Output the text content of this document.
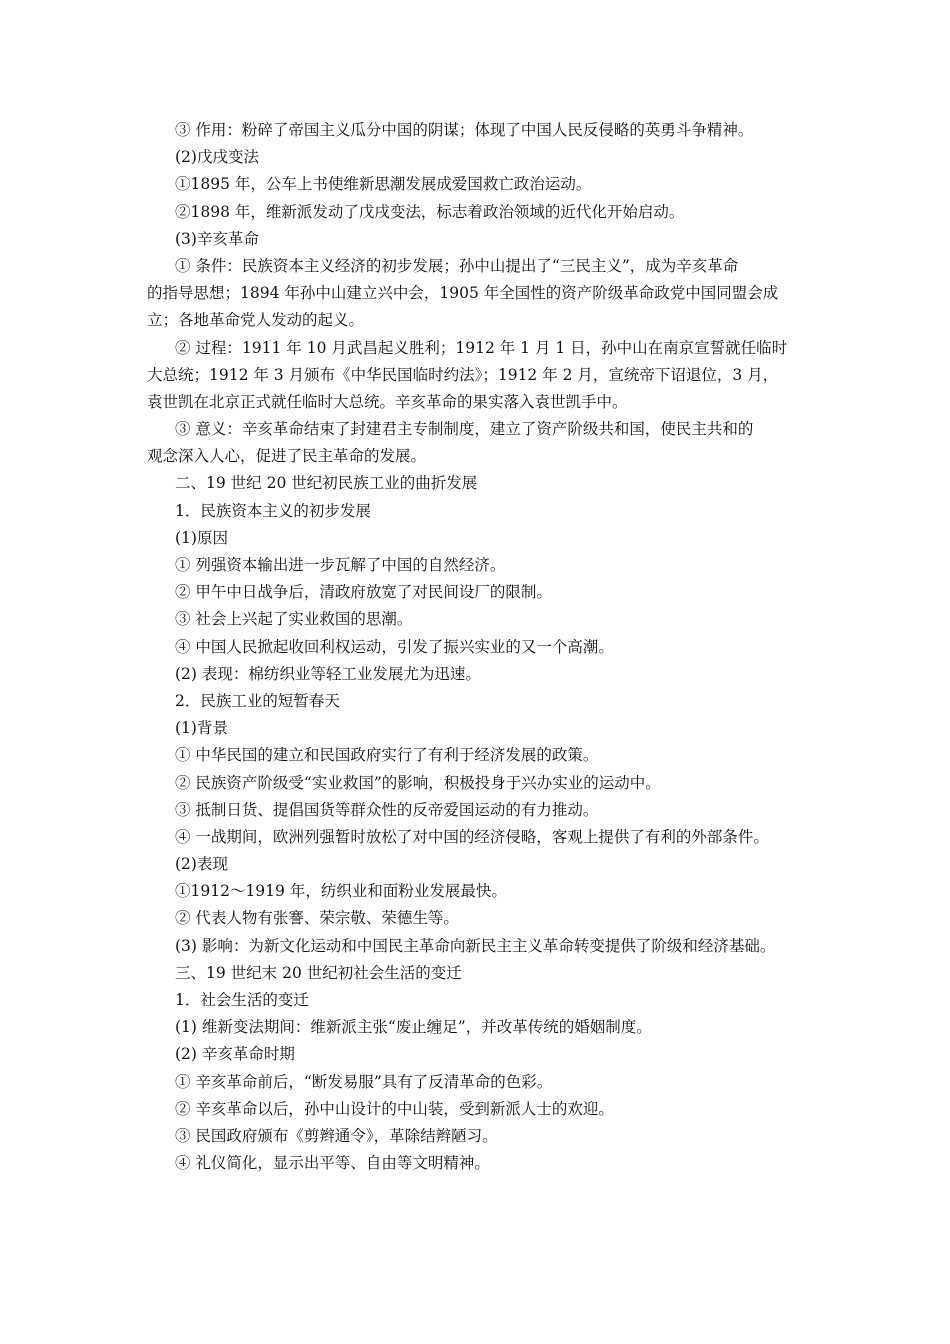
③ 作用：粉碎了帝国主义瓜分中国的阴谋；体现了中国人民反侵略的英勇斗争精神。
(2)戊戌变法
①1895 年，公车上书使维新思潮发展成爱国救亡政治运动。
②1898 年，维新派发动了戊戌变法，标志着政治领域的近代化开始启动。
(3)辛亥革命
① 条件：民族资本主义经济的初步发展；孙中山提出了“三民主义”，成为辛亥革命
的指导思想；1894 年孙中山建立兴中会，1905 年全国性的资产阶级革命政党中国同盟会成
立；各地革命党人发动的起义。
② 过程：1911 年 10 月武昌起义胜利；1912 年 1 月 1 日，孙中山在南京宣誓就任临时
大总统；1912 年 3 月颁布《中华民国临时约法》；1912 年 2 月，宣统帝下诏退位，3 月，
袁世凯在北京正式就任临时大总统。辛亥革命的果实落入袁世凯手中。
③ 意义：辛亥革命结束了封建君主专制制度，建立了资产阶级共和国，使民主共和的
观念深入人心，促进了民主革命的发展。
二、19 世纪 20 世纪初民族工业的曲折发展
1．民族资本主义的初步发展
(1)原因
① 列强资本输出进一步瓦解了中国的自然经济。
② 甲午中日战争后，清政府放宽了对民间设厂的限制。
③ 社会上兴起了实业救国的思潮。
④ 中国人民掀起收回利权运动，引发了振兴实业的又一个高潮。
(2) 表现：棉纺织业等轻工业发展尤为迅速。
2．民族工业的短暂春天
(1)背景
① 中华民国的建立和民国政府实行了有利于经济发展的政策。
② 民族资产阶级受“实业救国”的影响，积极投身于兴办实业的运动中。
③ 抵制日货、提倡国货等群众性的反帝爱国运动的有力推动。
④ 一战期间，欧洲列强暂时放松了对中国的经济侵略，客观上提供了有利的外部条件。
(2)表现
①1912～1919 年，纺织业和面粉业发展最快。
② 代表人物有张謇、荣宗敬、荣德生等。
(3) 影响：为新文化运动和中国民主革命向新民主主义革命转变提供了阶级和经济基础。
三、19 世纪末 20 世纪初社会生活的变迁
1．社会生活的变迁
(1) 维新变法期间：维新派主张“废止缠足”，并改革传统的婚姻制度。
(2) 辛亥革命时期
① 辛亥革命前后，“断发易服”具有了反清革命的色彩。
② 辛亥革命以后，孙中山设计的中山装，受到新派人士的欢迎。
③ 民国政府颁布《剪辫通令》，革除结辫陋习。
④ 礼仪简化，显示出平等、自由等文明精神。
